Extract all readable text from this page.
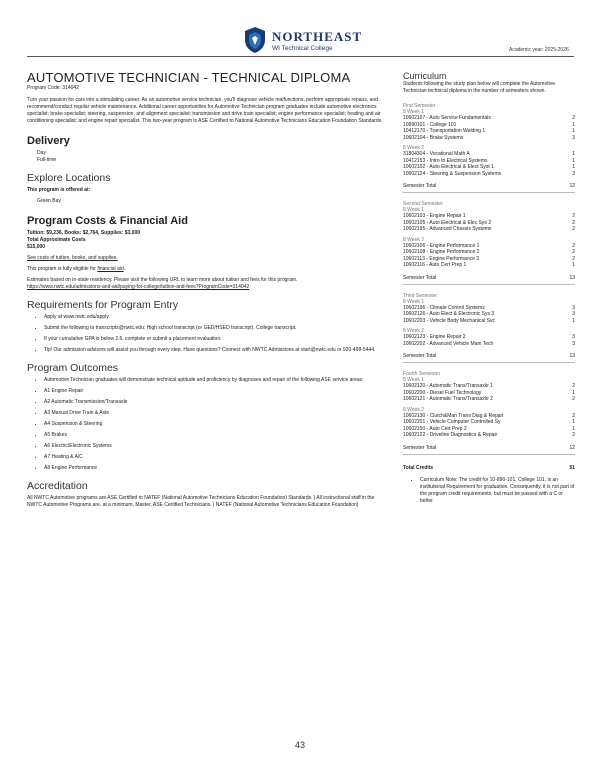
NORTHEAST
WI Technical College	Academic year: 2025-2026
AUTOMOTIVE TECHNICIAN - TECHNICAL DIPLOMA

Program Code: 314042

Turn your passion for cars into a stimulating career. As an automotive service technician, you'll diagnose vehicle malfunctions, perform appropriate repairs, and recommend/conduct regular vehicle maintenance. Additional career opportunities for Automotive Technician program graduates include automotive electronics specialist; brake specialist; steering, suspension, and alignment specialist; transmission and drive train specialist; engine performance specialist; heating and air conditioning specialist; and engine repair specialist. This two-year program is ASE Certified to National Automotive Technicians Education Foundation Standards.

Delivery

Day

Full-time

Explore Locations

This program is offered at:

Green Bay

Program Costs & Financial Aid

Tuition: $9,236, Books: $2,764, Supplies: $3,000

Total Approximate Costs

$15,000

See costs of tuition, books, and supplies.

This program is fully eligible for financial aid.

Estimates based on in-state residency. Please visit the following URL to learn more about tuition and fees for this program.

https://www.nwtc.edu/admissions-and-aid/paying-for-college/tuition-and-fees?ProgramCode=314042

Requirements for Program Entry
• Apply at www.nwtc.edu/apply.
• Submit the following to transcripts@nwtc.edu: High school transcript (or GED/HSED transcript). College transcript.
• If your cumulative GPA is below 2.6, complete or submit a placement evaluation.
• Tip! Our admission advisors will assist you through every step. Have questions? Connect with NWTC Admissions at start@nwtc.edu or 920-498-5444.
Program Outcomes
• Automotive Technician graduates will demonstrate technical aptitude and proficiency by diagnoses and repair of the following ASE service areas:
• A1 Engine Repair
• A2 Automatic Transmission/Transaxle
• A3 Manual Drive Train & Axle
• A4 Suspension & Steering
• A5 Brakes
• A6 Electric/Electronic Systems
• A7 Heating & A/C
• A8 Engine Performance
Accreditation

All NWTC Automotive programs are ASE Certified to NATEF (National Automotive Technicians Education Foundation) Standards. | All instructional staff in the NWTC Automotive Programs are, at a minimum, Master, ASE Certified Technicians. | NATEF (National Automotive Technicians Education Foundation)

Curriculum

Students following the study plan below will complete the Automotive Technician technical diploma in the number of semesters shown.

First Semester
8 Week 1
10602107 - Auto Service Fundamentals	2
10890101 - College 101	1
10412170 - Transportation Welding 1	1
10602104 - Brake Systems	3
8 Week 2
31804304 - Vocational Math A	1
10412153 - Intro to Electrical Systems	1
10602102 - Auto Electrical & Elect Syst 1	1
10602124 - Steering & Suspension Systems	3
Semester Total	12
Second Semester
8 Week 1
10602103 - Engine Repair 1	2
10602105 - Auto Electrical & Elec Sys 2	2
10602195 - Advanced Chassis Systems	2
8 Week 2
10602106 - Engine Performance 1	2
10602108 - Engine Performance 2	2
10602113 - Engine Performance 3	2
10602116 - Auto Cert Prep 1	1
Semester Total	13
Third Semester
8 Week 1
10602196 - Climate Control Systems	3
10602126 - Auto Elect & Electronic Sys 3	3
10602203 - Vehicle Body Mechanical Svc	1
8 Week 2
10602123 - Engine Repair 2	3
10602202 - Advanced Vehicle Main Tech	3
Semester Total	13
Fourth Semester
8 Week 1
10602120 - Automatic Trans/Transaxle 1	2
10602200 - Diesel Fuel Technology	1
10602121 - Automatic Trans/Transaxle 2	2
8 Week 2
10602130 - Clutch&Man Trans Diag & Repair	2
10602201 - Vehicle Computer Controlled Sy	1
10602150 - Auto Cert Prep 2	1
10602122 - Driveline Diagnostics & Repair	2
Semester Total	12
Total Credits	51
• Curriculum Note: The credit for 10-890-101, College 101, is an institutional Requirement for graduation. Consequently, it is not part of the program credit requirements, but must be passed with a C or better.
43
